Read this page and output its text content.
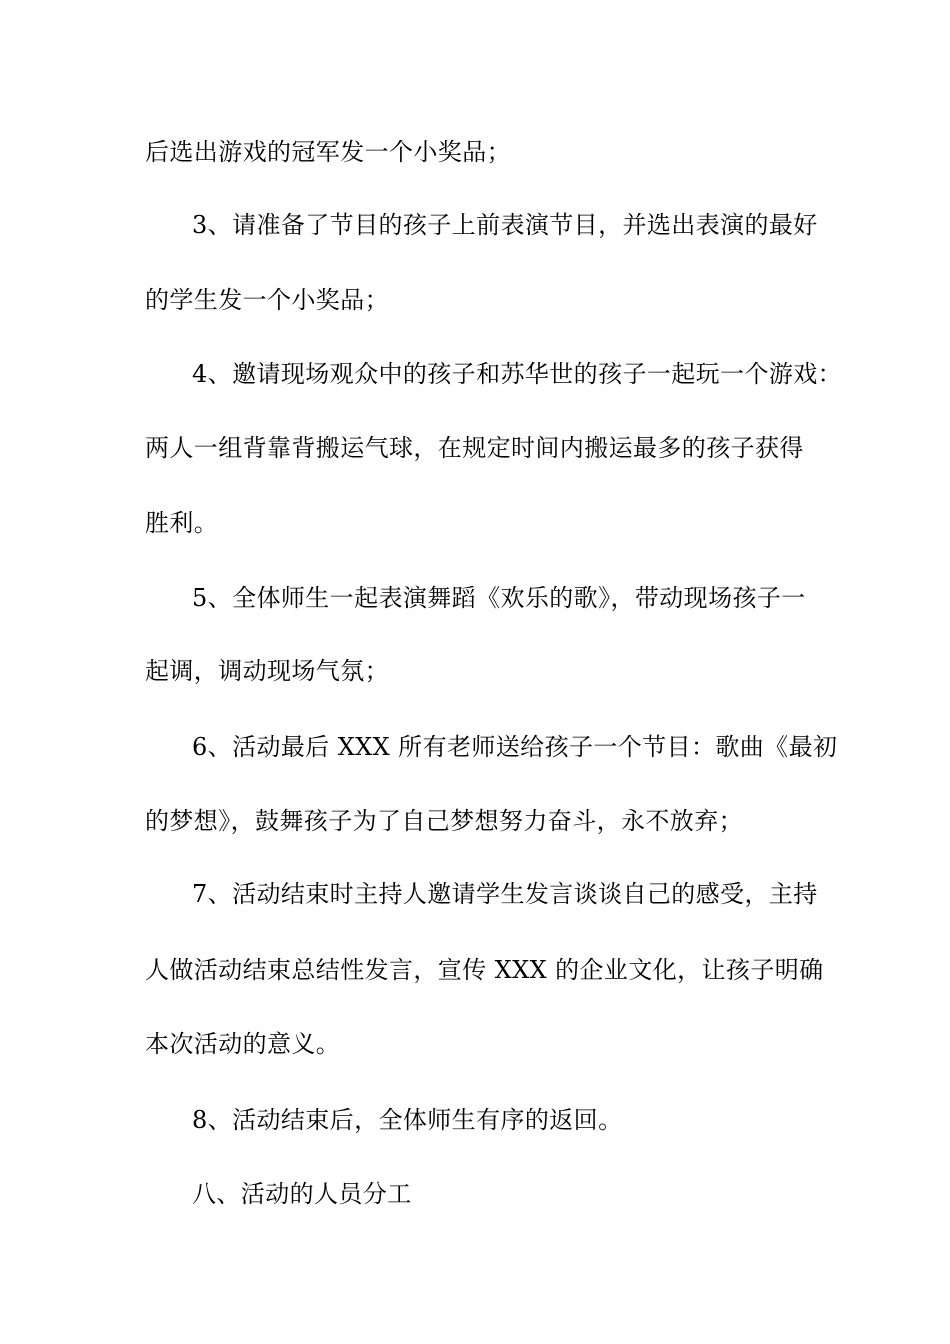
后选出游戏的冠军发一个小奖品；
3、请准备了节目的孩子上前表演节目，并选出表演的最好
的学生发一个小奖品；
4、邀请现场观众中的孩子和苏华世的孩子一起玩一个游戏：
两人一组背靠背搬运气球，在规定时间内搬运最多的孩子获得
胜利。
5、全体师生一起表演舞蹈《欢乐的歌》，带动现场孩子一
起调，调动现场气氛；
6、活动最后 XXX 所有老师送给孩子一个节目：歌曲《最初
的梦想》，鼓舞孩子为了自己梦想努力奋斗，永不放弃；
7、活动结束时主持人邀请学生发言谈谈自己的感受，主持
人做活动结束总结性发言，宣传 XXX 的企业文化，让孩子明确
本次活动的意义。
8、活动结束后，全体师生有序的返回。
八、活动的人员分工
